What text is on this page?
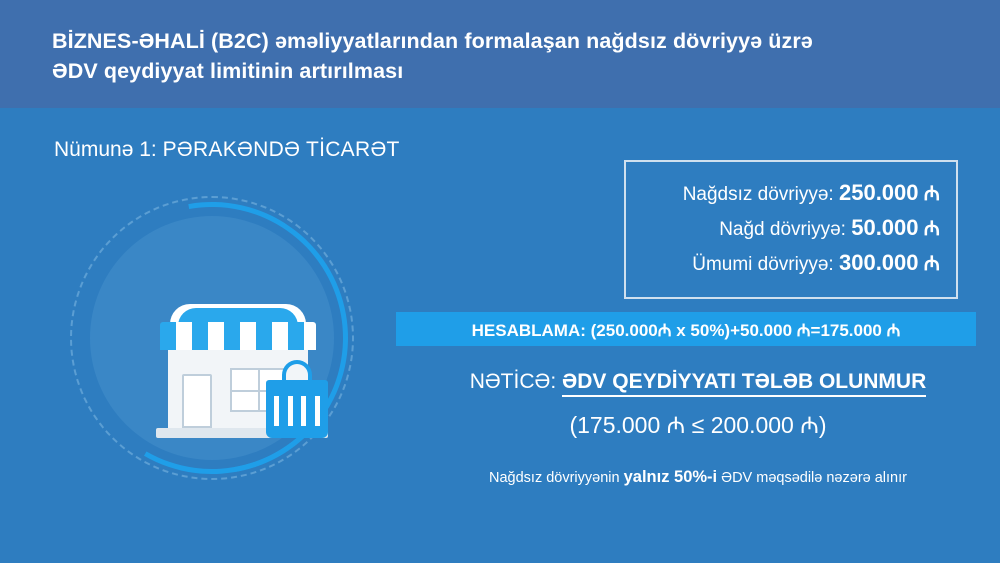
BİZNES-ƏHALİ (B2C) əməliyyatlarından formalaşan nağdsız dövriyyə üzrə
ƏDV qeydiyyat limitinin artırılması
Nümunə 1: PƏRAKƏNDƏ TİCARƏT
Nağdsız dövriyyə: 250.000 ₼
Nağd dövriyyə: 50.000 ₼
Ümumi dövriyyə: 300.000 ₼
HESABLAMA: (250.000₼ x 50%)+50.000 ₼=175.000 ₼
NƏTİCƏ: ƏDV QEYDİYYATI TƏLƏB OLUNMUR
(175.000 ₼ ≤ 200.000 ₼)
Nağdsız dövriyyənin yalnız 50%-i ƏDV məqsədilə nəzərə alınır
